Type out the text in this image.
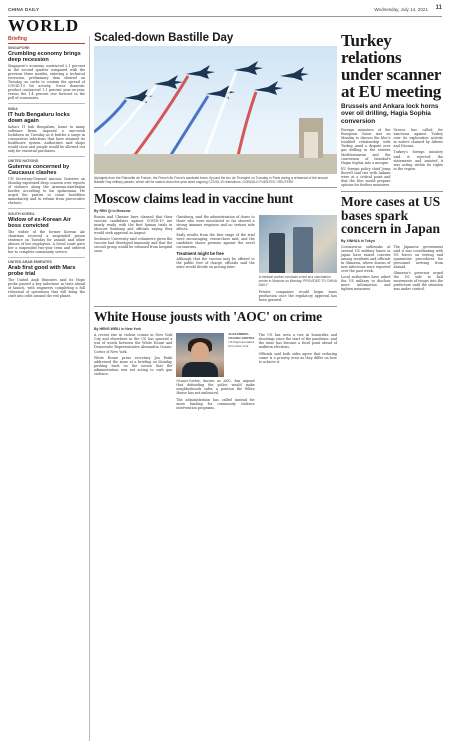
CHINA DAILY	Wednesday, July 14, 2021 11
WORLD
Briefing
SINGAPORE
Crumbling economy brings deep recession
Singapore's economy contracted 2.1 percent in the second quarter compared with the previous three months, entering a technical recession, preliminary data showed on Tuesday, as curbs to contain the spread of COVID-19 hit activity. Gross domestic product contracted 1.1 percent year-on-year, versus the 1.4 percent rise forecast in the poll of economists.
INDIA
IT hub Bengaluru locks down again
India's IT hub Bengaluru, home to many software firms, imposed a one-week lockdown on Tuesday as it battles a surge in coronavirus infections that have strained its healthcare system. Authorities said shops would close and people would be allowed out only for essential purchases.
UNITED NATIONS
Guterres concerned by Caucasus clashes
UN Secretary-General Antonio Guterres on Monday expressed deep concern over reports of violence along the Armenia-Azerbaijan border, according to his spokesman. He urged the parties to cease hostilities immediately and to refrain from provocative rhetoric.
SOUTH KOREA
Widow of ex-Korean Air boss convicted
The widow of the former Korean Air chairman received a suspended prison sentence on Tuesday for assault and other abuses of her employees. A Seoul court gave her a suspended two-year term and ordered her to complete community service.
UNITED ARAB EMIRATES
Arab first good with Mars probe trial
The United Arab Emirates said its Hope probe passed a key milestone in tests ahead of launch, with engineers completing a full rehearsal of operations that will bring the craft into orbit around the red planet.
Scaled-down Bastille Day
Alphajets from the Patrouille de France, the French Air Force's acrobatic team, fly past the Arc de Triomphe on Tuesday in Paris during a rehearsal of the annual Bastille Day military parade, which will be scaled down this year amid ongoing COVID-19 restrictions. GONZALO FUENTES / REUTERS
Moscow claims lead in vaccine hunt
By REN QI in Moscow

Russia and Ukraine have claimed that their vaccine candidates against COVID-19 are nearly ready, with the first human trials in Moscow finishing and officials saying they would seek approval in August.

Sechenov University said volunteers given the vaccine had developed immunity and that the second group would be released from hospital soon.

Gintsburg, said the administration of doses to those who were inoculated so far showed a strong immune response and no serious side effects.

Early results from the first stage of the trial were encouraging, researchers said, and the candidate shows promise against the novel coronavirus.

Treatment might be free

Although that the vaccine may be offered to the public free of charge, officials said the state would decide on pricing later.

A medical worker conducts a test at a vaccination centre in Moscow on Monday. PROVIDED TO CHINA DAILY

Private companies would begin mass production once the regulatory approval has been granted.

White House jousts with 'AOC' on crime
By HENG WEILI in New York

A recent rise in violent crimes in New York City and elsewhere in the US has spurred a war of words between the White House and Democratic Representative Alexandria Ocasio-Cortez of New York.

White House press secretary Jen Psaki addressed the issue at a briefing on Monday, pushing back on the notion that the administration was not acting to curb gun violence.

ALEXANDRIA OCASIO-CORTEZ
US Representative from New York

Ocasio-Cortez, known as AOC, has argued that defunding the police would make neighborhoods safer, a position the White House has not embraced.

The administration has called instead for more funding for community violence intervention programs.

The US has seen a rise in homicides and shootings since the start of the pandemic, and the issue has become a focal point ahead of midterm elections.

Officials said both sides agree that reducing crime is a priority even as they differ on how to achieve it.

Turkey relations under scanner at EU meeting
Brussels and Ankara lock horns over oil drilling, Hagia Sophia conversion

Foreign ministers of the European Union met on Monday to discuss the bloc's troubled relationship with Turkey, amid a dispute over gas drilling in the eastern Mediterranean and the conversion of Istanbul's Hagia Sophia into a mosque.

EU foreign policy chief Josep Borrell said ties with Ankara were at a critical point and that the bloc would prepare options for further measures.

Greece has called for sanctions against Turkey over its exploration activity in waters claimed by Athens and Nicosia.

Turkey's foreign ministry said it rejected the statements and insisted it was acting within its rights in the region.

More cases at US bases spark concern in Japan
By XINHUA in Tokyo

Coronavirus outbreaks at several US military bases in Japan have raised concern among residents and officials in Okinawa, where dozens of new infections were reported over the past week.

Local authorities have asked the US military to disclose more information and tighten measures.

The Japanese government said it was coordinating with US forces on testing and quarantine procedures for personnel arriving from abroad.

Okinawa's governor urged the US side to halt movements of troops into the prefecture until the situation was under control.
